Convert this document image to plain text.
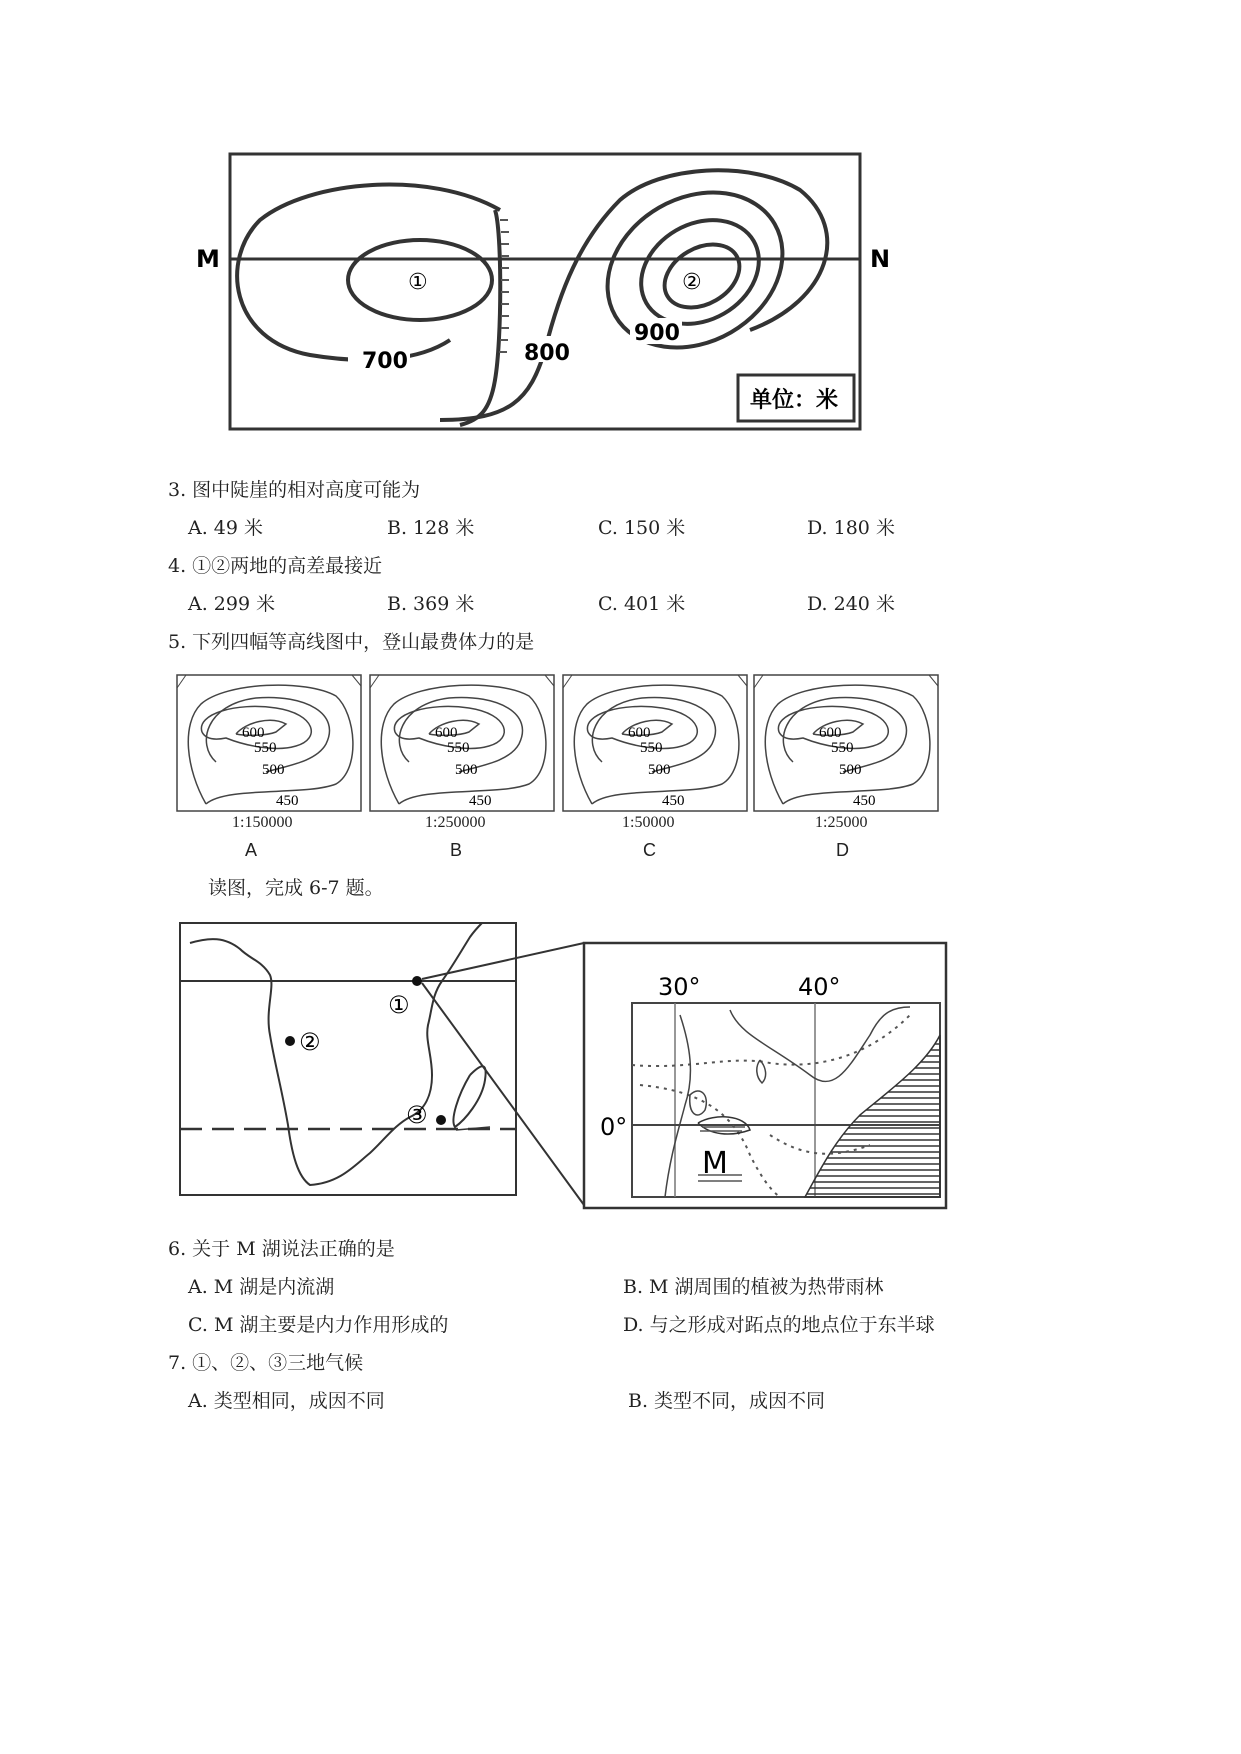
M	N
700	800
900
①	②
单位：米
3. 图中陡崖的相对高度可能为
A. 49 米	B. 128 米	C. 150 米	D. 180 米
4. ①②两地的高差最接近
A. 299 米	B. 369 米	C. 401 米	D. 240 米
5. 下列四幅等高线图中，登山最费体力的是
600
550
500
450
1:150000
A
600
550
500
450
1:250000
B
600
550
500
450
1:50000
C
600
550
500
450
1:25000
D
读图，完成 6-7 题。
①
②
③
30°	40°
0°
M
6. 关于 M 湖说法正确的是
A. M 湖是内流湖	B. M 湖周围的植被为热带雨林
C. M 湖主要是内力作用形成的	D. 与之形成对跖点的地点位于东半球
7. ①、②、③三地气候
A. 类型相同，成因不同	B. 类型不同，成因不同
